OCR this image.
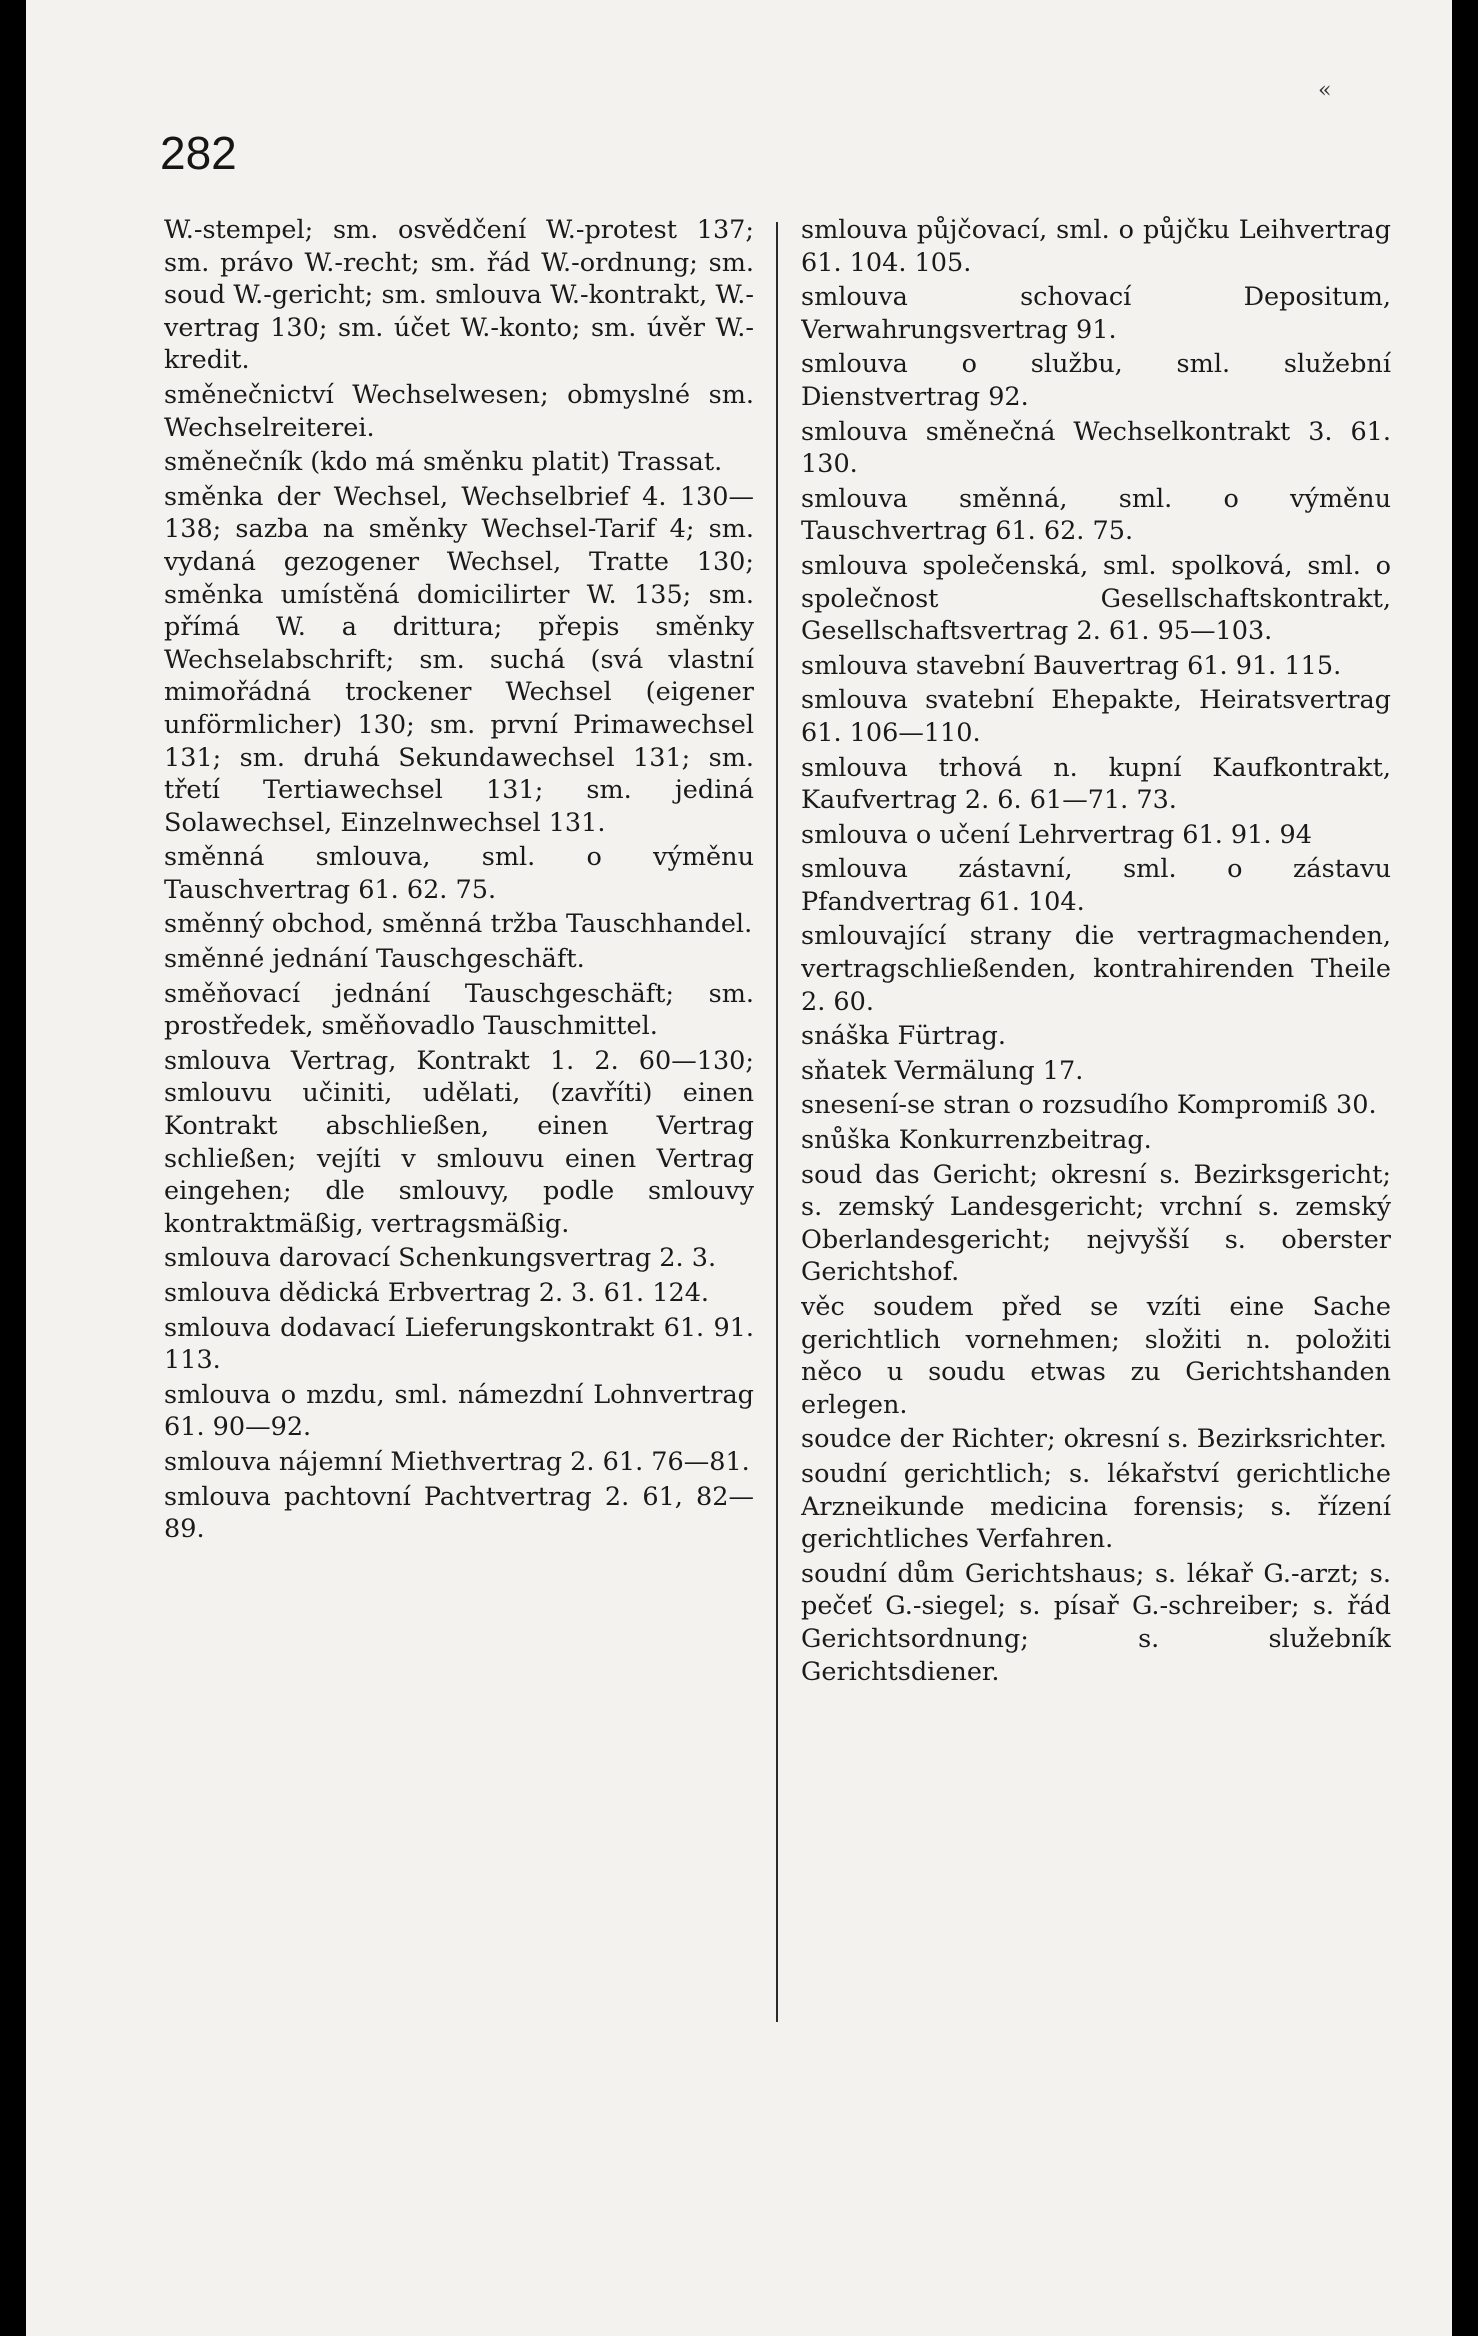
«
282

W.-stempel; sm. osvědčení W.-protest 137; sm. právo W.-recht; sm. řád W.-ordnung; sm. soud W.-gericht; sm. smlouva W.-kontrakt, W.-vertrag 130; sm. účet W.-konto; sm. úvěr W.-kredit.

směnečnictví Wechselwesen; obmyslné sm. Wechselreiterei.

směnečník (kdo má směnku platit) Trassat.

směnka der Wechsel, Wechselbrief 4. 130—138; sazba na směnky Wechsel-Tarif 4; sm. vydaná gezogener Wechsel, Tratte 130; směnka umístěná domicilirter W. 135; sm. přímá W. a drittura; přepis směnky Wechselabschrift; sm. suchá (svá vlastní mimořádná trockener Wechsel (eigener unförmlicher) 130; sm. první Primawechsel 131; sm. druhá Sekundawechsel 131; sm. třetí Tertiawechsel 131; sm. jediná Solawechsel, Einzelnwechsel 131.

směnná smlouva, sml. o výměnu Tauschvertrag 61. 62. 75.

směnný obchod, směnná tržba Tauschhandel.

směnné jednání Tauschgeschäft.

směňovací jednání Tauschgeschäft; sm. prostředek, směňovadlo Tauschmittel.

smlouva Vertrag, Kontrakt 1. 2. 60—130; smlouvu učiniti, udělati, (zavříti) einen Kontrakt abschließen, einen Vertrag schließen; vejíti v smlouvu einen Vertrag eingehen; dle smlouvy, podle smlouvy kontraktmäßig, vertragsmäßig.

smlouva darovací Schenkungsvertrag 2. 3.

smlouva dědická Erbvertrag 2. 3. 61. 124.

smlouva dodavací Lieferungskontrakt 61. 91. 113.

smlouva o mzdu, sml. námezdní Lohnvertrag 61. 90—92.

smlouva nájemní Miethvertrag 2. 61. 76—81.

smlouva pachtovní Pachtvertrag 2. 61, 82—89.

smlouva půjčovací, sml. o půjčku Leihvertrag 61. 104. 105.

smlouva schovací Depositum, Verwahrungsvertrag 91.

smlouva o službu, sml. služební Dienstvertrag 92.

smlouva směnečná Wechselkontrakt 3. 61. 130.

smlouva směnná, sml. o výměnu Tauschvertrag 61. 62. 75.

smlouva společenská, sml. spolková, sml. o společnost Gesellschaftskontrakt, Gesellschaftsvertrag 2. 61. 95—103.

smlouva stavební Bauvertrag 61. 91. 115.

smlouva svatební Ehepakte, Heiratsvertrag 61. 106—110.

smlouva trhová n. kupní Kaufkontrakt, Kaufvertrag 2. 6. 61—71. 73.

smlouva o učení Lehrvertrag 61. 91. 94

smlouva zástavní, sml. o zástavu Pfandvertrag 61. 104.

smlouvající strany die vertragmachenden, vertragschließenden, kontrahirenden Theile 2. 60.

snáška Fürtrag.

sňatek Vermälung 17.

snesení-se stran o rozsudího Kompromiß 30.

snůška Konkurrenzbeitrag.

soud das Gericht; okresní s. Bezirksgericht; s. zemský Landesgericht; vrchní s. zemský Oberlandesgericht; nejvyšší s. oberster Gerichtshof.

věc soudem před se vzíti eine Sache gerichtlich vornehmen; složiti n. položiti něco u soudu etwas zu Gerichtshanden erlegen.

soudce der Richter; okresní s. Bezirksrichter.

soudní gerichtlich; s. lékařství gerichtliche Arzneikunde medicina forensis; s. řízení gerichtliches Verfahren.

soudní dům Gerichtshaus; s. lékař G.-arzt; s. pečeť G.-siegel; s. písař G.-schreiber; s. řád Gerichtsordnung; s. služebník Gerichtsdiener.
